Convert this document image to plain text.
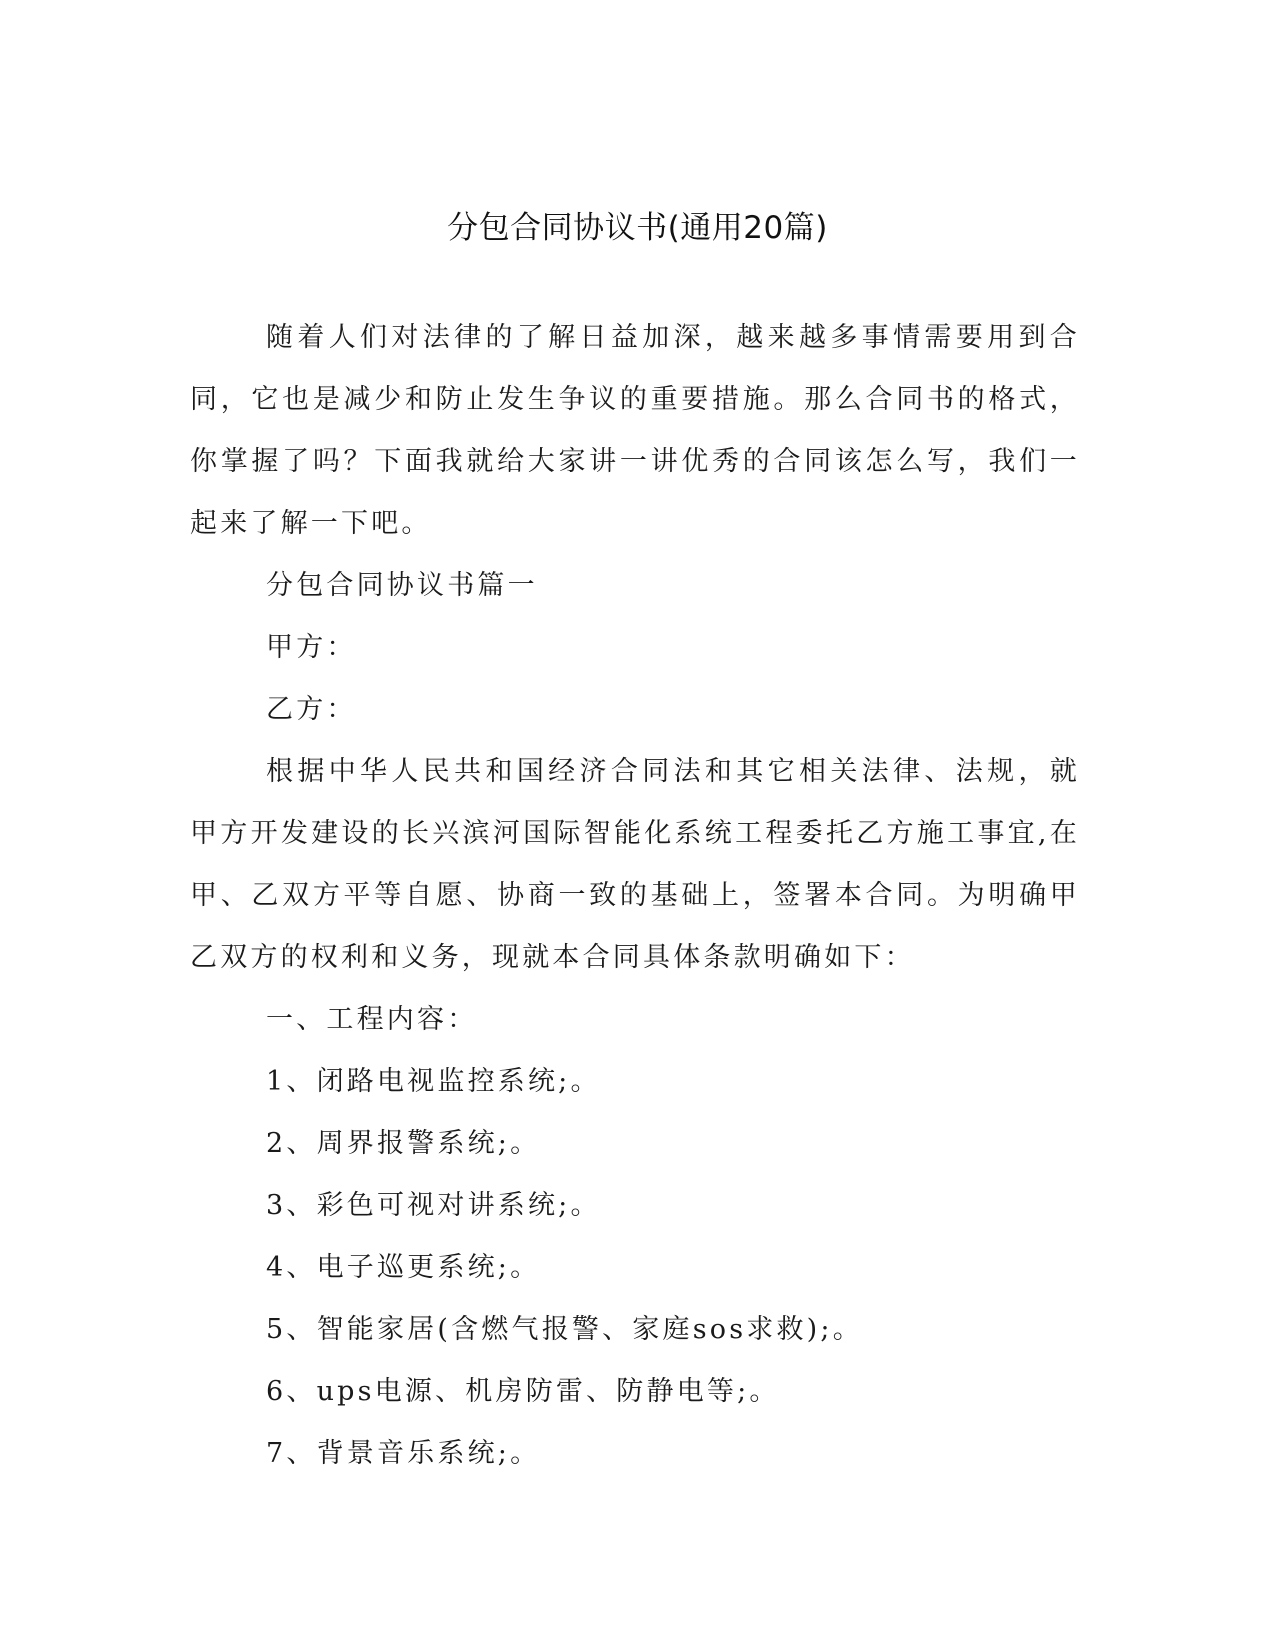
分包合同协议书(通用20篇)

随着人们对法律的了解日益加深，越来越多事情需要用到合同，它也是减少和防止发生争议的重要措施。那么合同书的格式，你掌握了吗？下面我就给大家讲一讲优秀的合同该怎么写，我们一起来了解一下吧。

分包合同协议书篇一

甲方：

乙方：

根据中华人民共和国经济合同法和其它相关法律、法规，就甲方开发建设的长兴滨河国际智能化系统工程委托乙方施工事宜,在甲、乙双方平等自愿、协商一致的基础上，签署本合同。为明确甲乙双方的权利和义务，现就本合同具体条款明确如下：

一、工程内容：

1、闭路电视监控系统;。

2、周界报警系统;。

3、彩色可视对讲系统;。

4、电子巡更系统;。

5、智能家居(含燃气报警、家庭sos求救);。

6、ups电源、机房防雷、防静电等;。

7、背景音乐系统;。
